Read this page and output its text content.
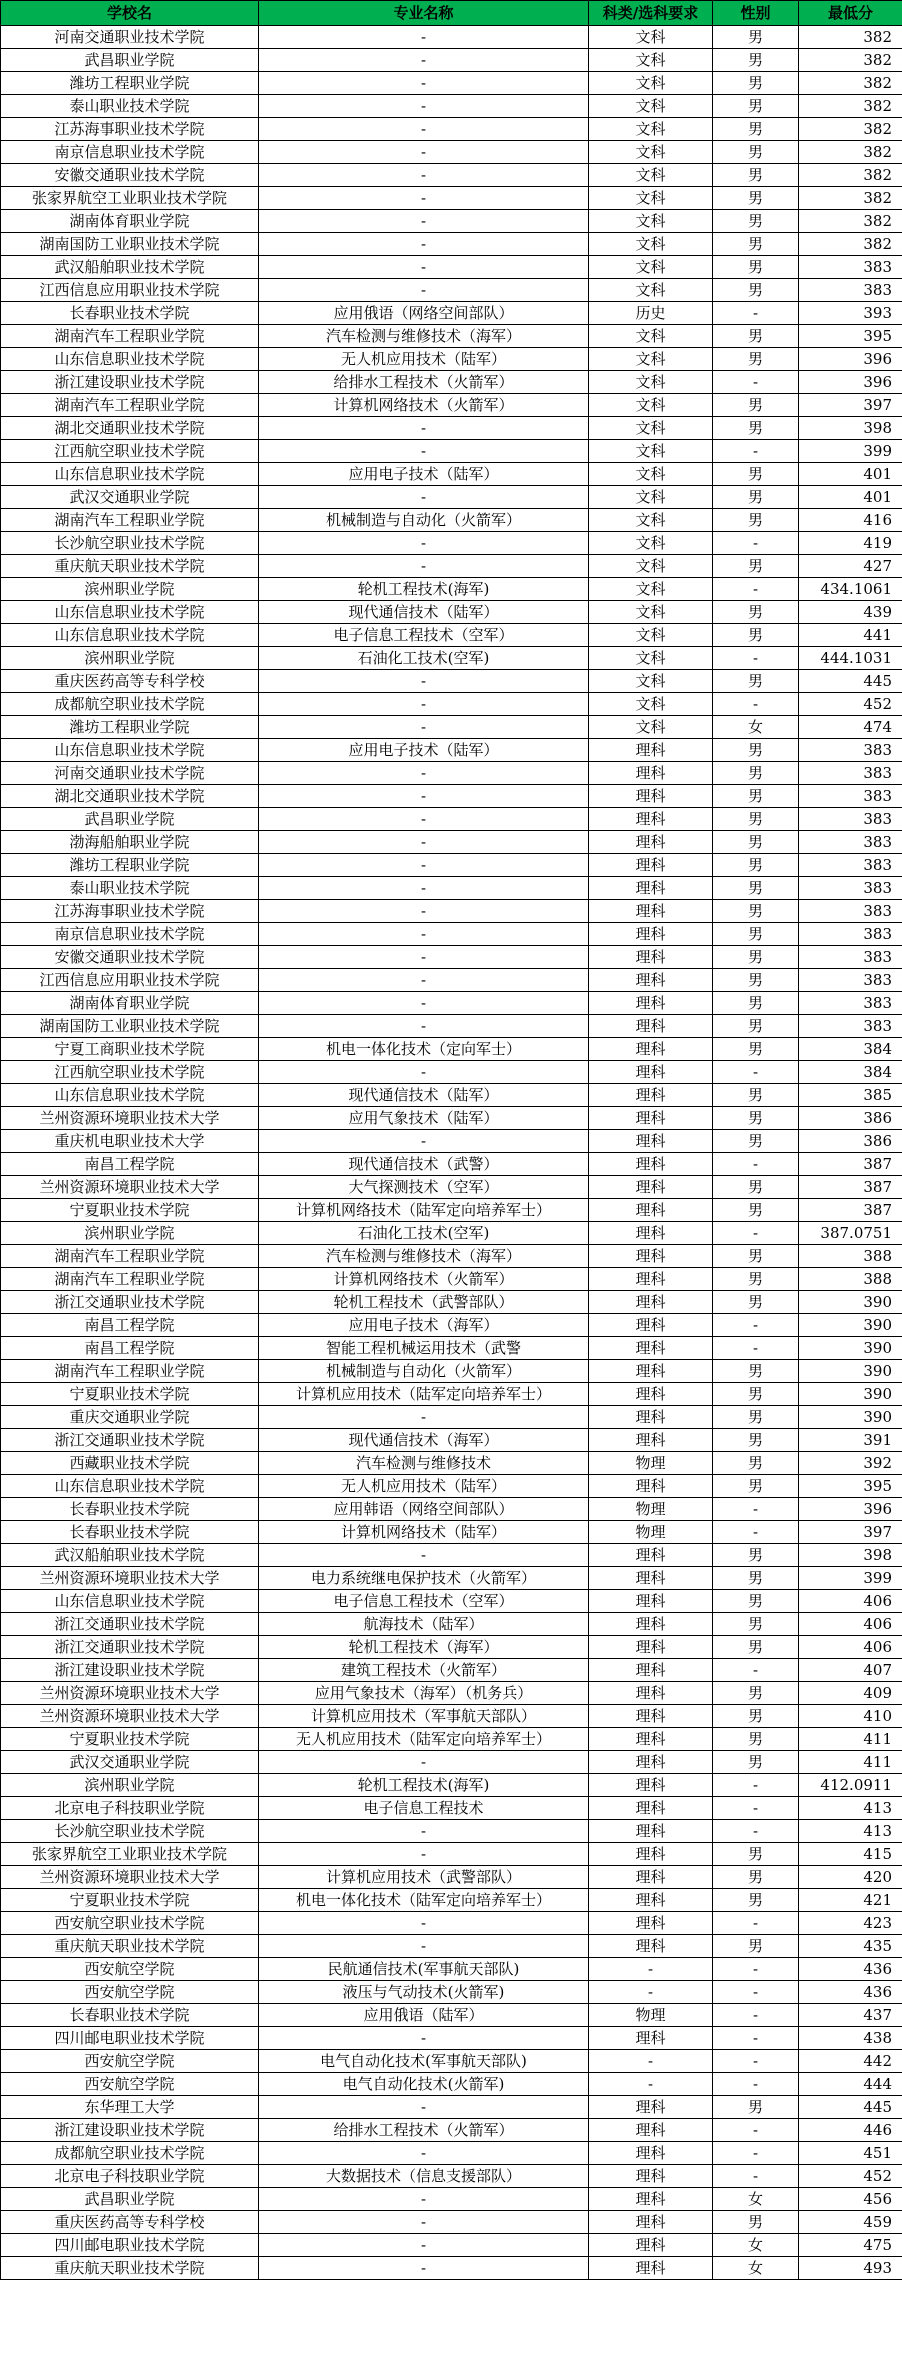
学校名	专业名称	科类/选科要求	性别	最低分
河南交通职业技术学院	-	文科	男	382
武昌职业学院	-	文科	男	382
潍坊工程职业学院	-	文科	男	382
泰山职业技术学院	-	文科	男	382
江苏海事职业技术学院	-	文科	男	382
南京信息职业技术学院	-	文科	男	382
安徽交通职业技术学院	-	文科	男	382
张家界航空工业职业技术学院	-	文科	男	382
湖南体育职业学院	-	文科	男	382
湖南国防工业职业技术学院	-	文科	男	382
武汉船舶职业技术学院	-	文科	男	383
江西信息应用职业技术学院	-	文科	男	383
长春职业技术学院	应用俄语（网络空间部队）	历史	-	393
湖南汽车工程职业学院	汽车检测与维修技术（海军）	文科	男	395
山东信息职业技术学院	无人机应用技术（陆军）	文科	男	396
浙江建设职业技术学院	给排水工程技术（火箭军）	文科	-	396
湖南汽车工程职业学院	计算机网络技术（火箭军）	文科	男	397
湖北交通职业技术学院	-	文科	男	398
江西航空职业技术学院	-	文科	-	399
山东信息职业技术学院	应用电子技术（陆军）	文科	男	401
武汉交通职业学院	-	文科	男	401
湖南汽车工程职业学院	机械制造与自动化（火箭军）	文科	男	416
长沙航空职业技术学院	-	文科	-	419
重庆航天职业技术学院	-	文科	男	427
滨州职业学院	轮机工程技术(海军)	文科	-	434.1061
山东信息职业技术学院	现代通信技术（陆军）	文科	男	439
山东信息职业技术学院	电子信息工程技术（空军）	文科	男	441
滨州职业学院	石油化工技术(空军)	文科	-	444.1031
重庆医药高等专科学校	-	文科	男	445
成都航空职业技术学院	-	文科	-	452
潍坊工程职业学院	-	文科	女	474
山东信息职业技术学院	应用电子技术（陆军）	理科	男	383
河南交通职业技术学院	-	理科	男	383
湖北交通职业技术学院	-	理科	男	383
武昌职业学院	-	理科	男	383
渤海船舶职业学院	-	理科	男	383
潍坊工程职业学院	-	理科	男	383
泰山职业技术学院	-	理科	男	383
江苏海事职业技术学院	-	理科	男	383
南京信息职业技术学院	-	理科	男	383
安徽交通职业技术学院	-	理科	男	383
江西信息应用职业技术学院	-	理科	男	383
湖南体育职业学院	-	理科	男	383
湖南国防工业职业技术学院	-	理科	男	383
宁夏工商职业技术学院	机电一体化技术（定向军士）	理科	男	384
江西航空职业技术学院	-	理科	-	384
山东信息职业技术学院	现代通信技术（陆军）	理科	男	385
兰州资源环境职业技术大学	应用气象技术（陆军）	理科	男	386
重庆机电职业技术大学	-	理科	男	386
南昌工程学院	现代通信技术（武警）	理科	-	387
兰州资源环境职业技术大学	大气探测技术（空军）	理科	男	387
宁夏职业技术学院	计算机网络技术（陆军定向培养军士）	理科	男	387
滨州职业学院	石油化工技术(空军)	理科	-	387.0751
湖南汽车工程职业学院	汽车检测与维修技术（海军）	理科	男	388
湖南汽车工程职业学院	计算机网络技术（火箭军）	理科	男	388
浙江交通职业技术学院	轮机工程技术（武警部队）	理科	男	390
南昌工程学院	应用电子技术（海军）	理科	-	390
南昌工程学院	智能工程机械运用技术（武警	理科	-	390
湖南汽车工程职业学院	机械制造与自动化（火箭军）	理科	男	390
宁夏职业技术学院	计算机应用技术（陆军定向培养军士）	理科	男	390
重庆交通职业学院	-	理科	男	390
浙江交通职业技术学院	现代通信技术（海军）	理科	男	391
西藏职业技术学院	汽车检测与维修技术	物理	男	392
山东信息职业技术学院	无人机应用技术（陆军）	理科	男	395
长春职业技术学院	应用韩语（网络空间部队）	物理	-	396
长春职业技术学院	计算机网络技术（陆军）	物理	-	397
武汉船舶职业技术学院	-	理科	男	398
兰州资源环境职业技术大学	电力系统继电保护技术（火箭军）	理科	男	399
山东信息职业技术学院	电子信息工程技术（空军）	理科	男	406
浙江交通职业技术学院	航海技术（陆军）	理科	男	406
浙江交通职业技术学院	轮机工程技术（海军）	理科	男	406
浙江建设职业技术学院	建筑工程技术（火箭军）	理科	-	407
兰州资源环境职业技术大学	应用气象技术（海军）（机务兵）	理科	男	409
兰州资源环境职业技术大学	计算机应用技术（军事航天部队）	理科	男	410
宁夏职业技术学院	无人机应用技术（陆军定向培养军士）	理科	男	411
武汉交通职业学院	-	理科	男	411
滨州职业学院	轮机工程技术(海军)	理科	-	412.0911
北京电子科技职业学院	电子信息工程技术	理科	-	413
长沙航空职业技术学院	-	理科	-	413
张家界航空工业职业技术学院	-	理科	男	415
兰州资源环境职业技术大学	计算机应用技术（武警部队）	理科	男	420
宁夏职业技术学院	机电一体化技术（陆军定向培养军士）	理科	男	421
西安航空职业技术学院	-	理科	-	423
重庆航天职业技术学院	-	理科	男	435
西安航空学院	民航通信技术(军事航天部队)	-	-	436
西安航空学院	液压与气动技术(火箭军)	-	-	436
长春职业技术学院	应用俄语（陆军）	物理	-	437
四川邮电职业技术学院	-	理科	-	438
西安航空学院	电气自动化技术(军事航天部队)	-	-	442
西安航空学院	电气自动化技术(火箭军)	-	-	444
东华理工大学	-	理科	男	445
浙江建设职业技术学院	给排水工程技术（火箭军）	理科	-	446
成都航空职业技术学院	-	理科	-	451
北京电子科技职业学院	大数据技术（信息支援部队）	理科	-	452
武昌职业学院	-	理科	女	456
重庆医药高等专科学校	-	理科	男	459
四川邮电职业技术学院	-	理科	女	475
重庆航天职业技术学院	-	理科	女	493
